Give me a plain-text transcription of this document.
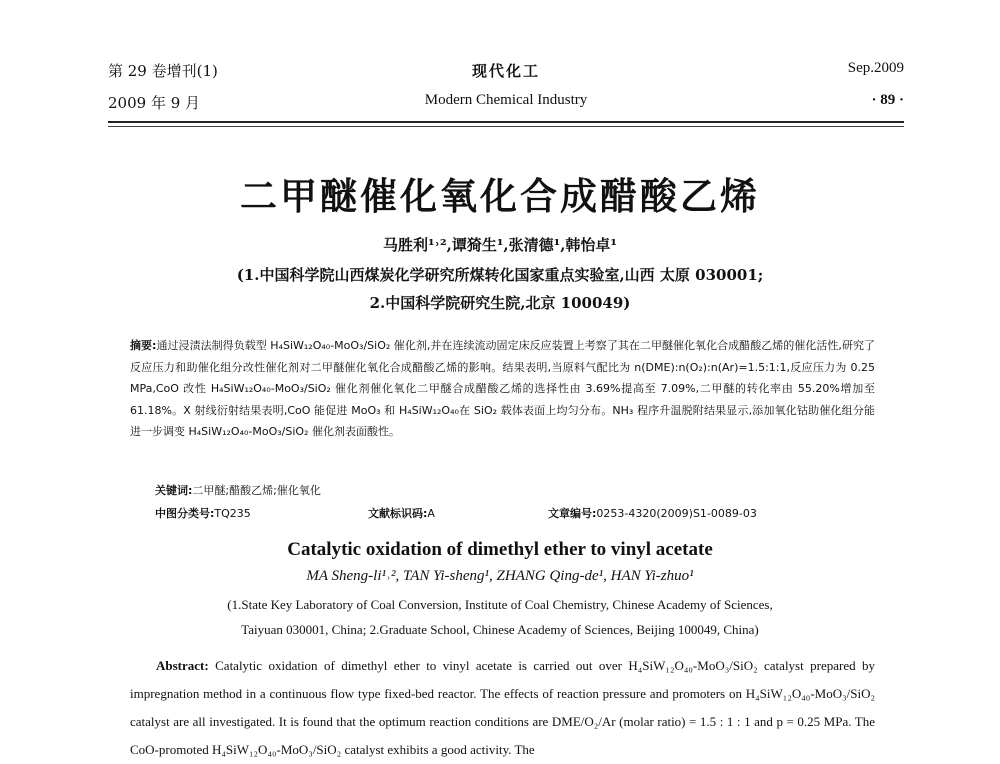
第 29 卷增刊(1)
2009 年 9 月
现代化工
Modern Chemical Industry
Sep.2009
· 89 ·
二甲醚催化氧化合成醋酸乙烯
马胜利¹˒²,谭猗生¹,张清德¹,韩怡卓¹
(1.中国科学院山西煤炭化学研究所煤转化国家重点实验室,山西 太原 030001;
2.中国科学院研究生院,北京 100049)
摘要:通过浸渍法制得负载型 H₄SiW₁₂O₄₀-MoO₃/SiO₂ 催化剂,并在连续流动固定床反应装置上考察了其在二甲醚催化氧化合成醋酸乙烯的催化活性,研究了反应压力和助催化组分改性催化剂对二甲醚催化氧化合成醋酸乙烯的影响。结果表明,当原料气配比为 n(DME):n(O₂):n(Ar)=1.5:1:1,反应压力为 0.25 MPa,CoO 改性 H₄SiW₁₂O₄₀-MoO₃/SiO₂ 催化剂催化氧化二甲醚合成醋酸乙烯的选择性由 3.69%提高至 7.09%,二甲醚的转化率由 55.20%增加至 61.18%。X 射线衍射结果表明,CoO 能促进 MoO₃ 和 H₄SiW₁₂O₄₀在 SiO₂ 载体表面上均匀分布。NH₃ 程序升温脱附结果显示,添加氧化钴助催化组分能进一步调变 H₄SiW₁₂O₄₀-MoO₃/SiO₂ 催化剂表面酸性。
关键词:二甲醚;醋酸乙烯;催化氧化
中图分类号:TQ235	文献标识码:A	文章编号:0253-4320(2009)S1-0089-03
Catalytic oxidation of dimethyl ether to vinyl acetate
MA Sheng-li¹˒², TAN Yi-sheng¹, ZHANG Qing-de¹, HAN Yi-zhuo¹
(1.State Key Laboratory of Coal Conversion, Institute of Coal Chemistry, Chinese Academy of Sciences,
Taiyuan 030001, China; 2.Graduate School, Chinese Academy of Sciences, Beijing 100049, China)
Abstract: Catalytic oxidation of dimethyl ether to vinyl acetate is carried out over H₄SiW₁₂O₄₀-MoO₃/SiO₂ catalyst prepared by impregnation method in a continuous flow type fixed-bed reactor. The effects of reaction pressure and promoters on H₄SiW₁₂O₄₀-MoO₃/SiO₂ catalyst are all investigated. It is found that the optimum reaction conditions are DME/O₂/Ar (molar ratio) = 1.5 : 1 : 1 and p = 0.25 MPa. The CoO-promoted H₄SiW₁₂O₄₀-MoO₃/SiO₂ catalyst exhibits a good activity. The
